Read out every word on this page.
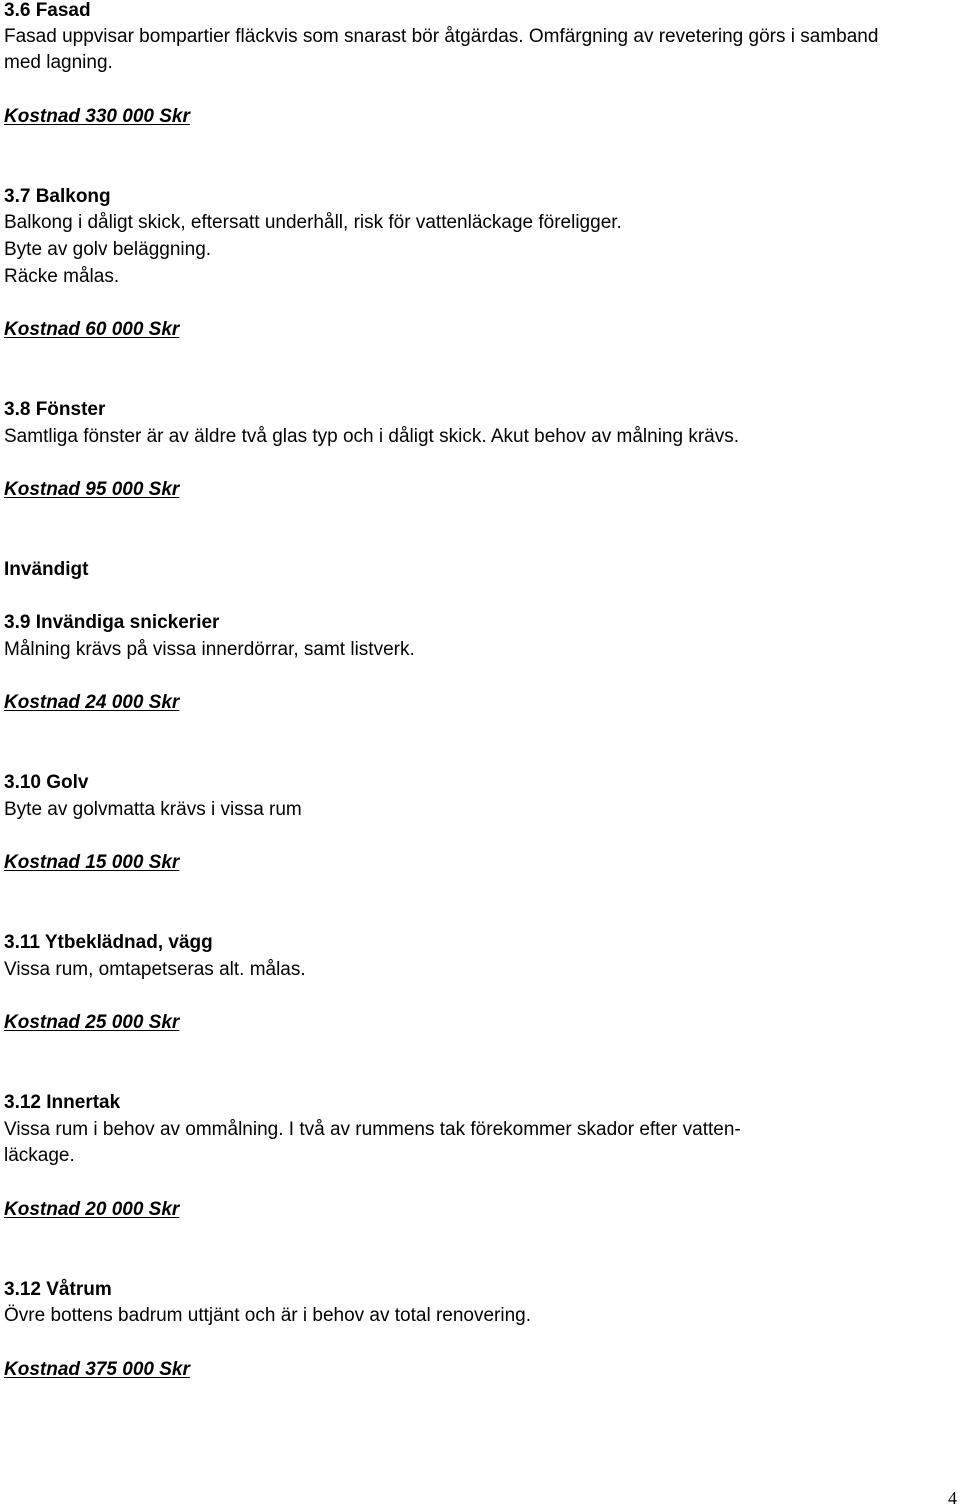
3.6 Fasad
Fasad uppvisar bompartier fläckvis som snarast bör åtgärdas. Omfärgning av revetering görs i samband
med lagning.
Kostnad 330 000 Skr
3.7 Balkong
Balkong i dåligt skick, eftersatt underhåll, risk för vattenläckage föreligger.
Byte av golv beläggning.
Räcke målas.
Kostnad 60 000 Skr
3.8 Fönster
Samtliga fönster är av äldre två glas typ och i dåligt skick. Akut behov av målning krävs.
Kostnad 95 000 Skr
Invändigt
3.9 Invändiga snickerier
Målning krävs på vissa innerdörrar, samt listverk.
Kostnad 24 000 Skr
3.10 Golv
Byte av golvmatta krävs i vissa rum
Kostnad 15 000 Skr
3.11 Ytbeklädnad, vägg
Vissa rum, omtapetseras alt. målas.
Kostnad 25 000 Skr
3.12 Innertak
Vissa rum i behov av ommålning. I två av rummens tak förekommer skador efter vatten-
läckage.
Kostnad 20 000 Skr
3.12 Våtrum
Övre bottens badrum uttjänt och är i behov av total renovering.
Kostnad 375 000 Skr
4
